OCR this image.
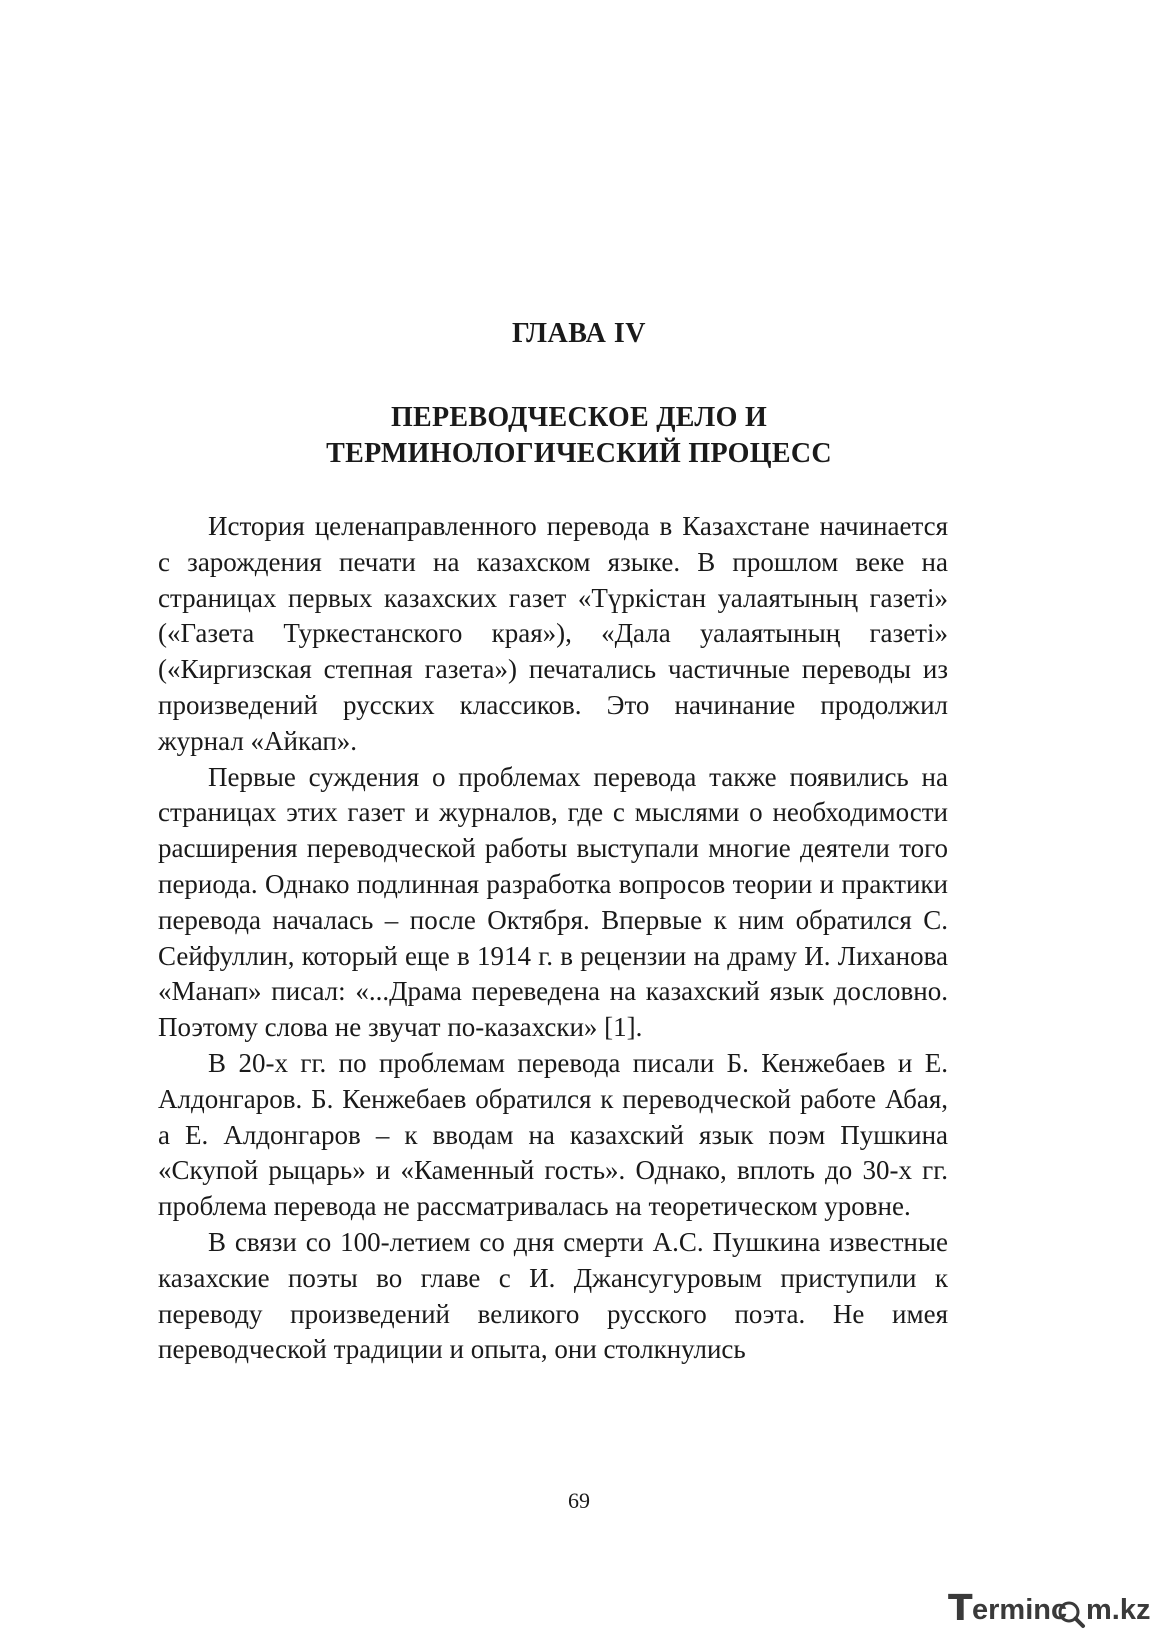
ГЛАВА IV
ПЕРЕВОДЧЕСКОЕ ДЕЛО И
ТЕРМИНОЛОГИЧЕСКИЙ ПРОЦЕСС

История целенаправленного перевода в Казахстане начинается с зарождения печати на казахском языке. В прошлом веке на страницах первых казахских газет «Түркістан уалаятының газеті» («Газета Туркестанского края»), «Дала уалаятының газеті» («Киргизская степная газета») печатались частичные переводы из произведений русских классиков. Это начинание продолжил журнал «Айкап».

Первые суждения о проблемах перевода также появились на страницах этих газет и журналов, где с мыслями о необходимости расширения переводческой работы выступали многие деятели того периода. Однако подлинная разработка вопросов теории и практики перевода началась – после Октября. Впервые к ним обратился С. Сейфуллин, который еще в 1914 г. в рецензии на драму И. Лиханова «Манап» писал: «...Драма переведена на казахский язык дословно. Поэтому слова не звучат по-казахски» [1].

В 20-х гг. по проблемам перевода писали Б. Кенжебаев и Е. Алдонгаров. Б. Кенжебаев обратился к переводческой работе Абая, а Е. Алдонгаров – к вводам на казахский язык поэм Пушкина «Скупой рыцарь» и «Каменный гость». Однако, вплоть до 30-х гг. проблема перевода не рассматривалась на теоретическом уровне.

В связи со 100-летием со дня смерти А.С. Пушкина известные казахские поэты во главе с И. Джансугуровым приступили к переводу произведений великого русского поэта. Не имея переводческой традиции и опыта, они столкнулись

69
T erminc m.kz
